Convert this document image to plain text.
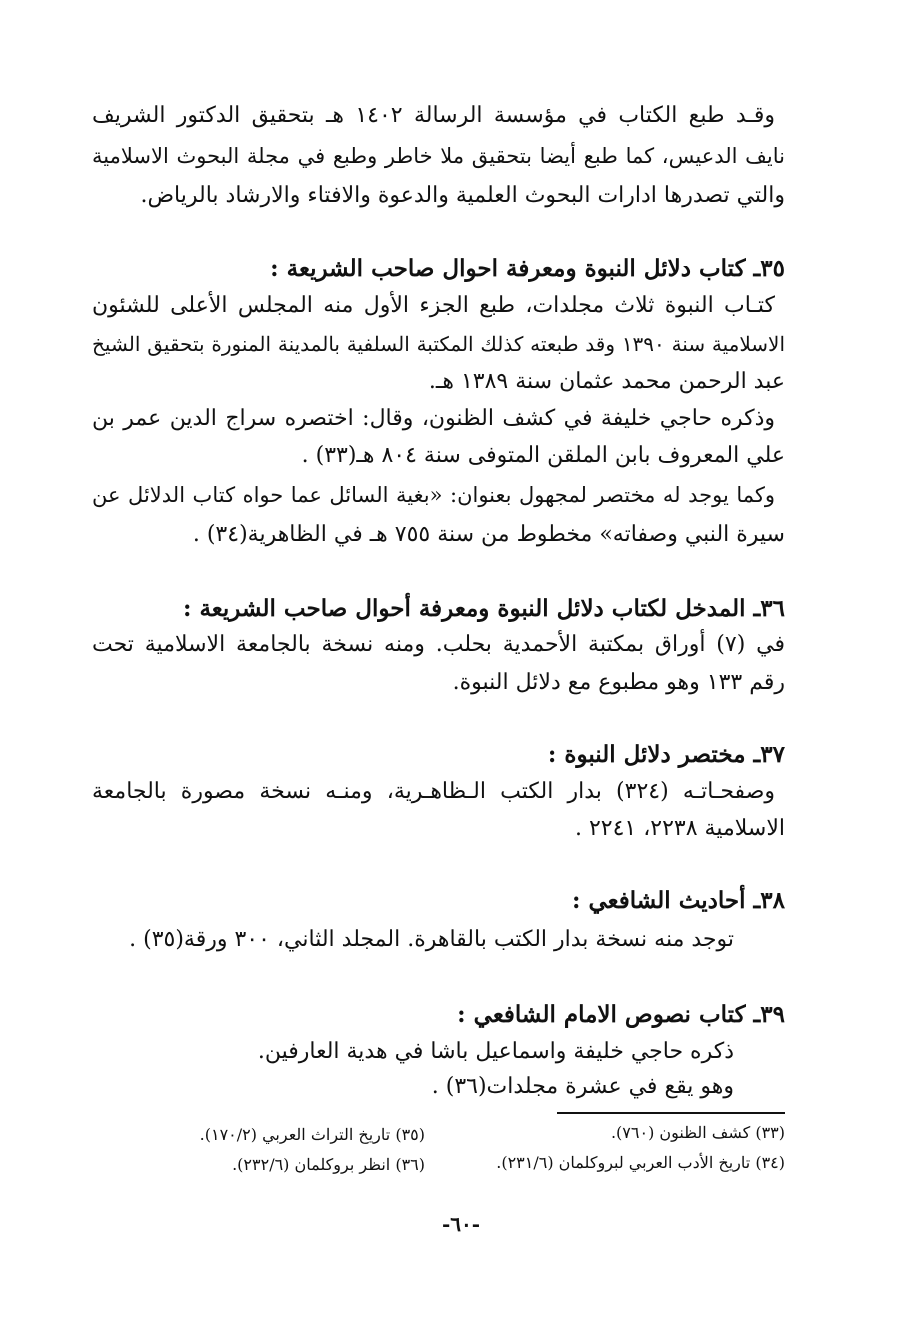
وقـد طبع الكتاب في مؤسسة الرسالة ١٤٠٢ هـ بتحقيق الدكتور الشريف
نايف الدعيس، كما طبع أيضا بتحقيق ملا خاطر وطبع في مجلة البحوث الاسلامية
والتي تصدرها ادارات البحوث العلمية والدعوة والافتاء والارشاد بالرياض.
٣٥ـ كتاب دلائل النبوة ومعرفة احوال صاحب الشريعة :
كتـاب النبوة ثلاث مجلدات، طبع الجزء الأول منه المجلس الأعلى للشئون
الاسلامية سنة ١٣٩٠ وقد طبعته كذلك المكتبة السلفية بالمدينة المنورة بتحقيق الشيخ
عبد الرحمن محمد عثمان سنة ١٣٨٩ هـ.
وذكره حاجي خليفة في كشف الظنون، وقال: اختصره سراج الدين عمر بن
علي المعروف بابن الملقن المتوفى سنة ٨٠٤ هـ(٣٣) .
وكما يوجد له مختصر لمجهول بعنوان: «بغية السائل عما حواه كتاب الدلائل عن
سيرة النبي وصفاته» مخطوط من سنة ٧٥٥ هـ في الظاهرية(٣٤) .
٣٦ـ المدخل لكتاب دلائل النبوة ومعرفة أحوال صاحب الشريعة :
في (٧) أوراق بمكتبة الأحمدية بحلب. ومنه نسخة بالجامعة الاسلامية تحت
رقم ١٣٣ وهو مطبوع مع دلائل النبوة.
٣٧ـ مختصر دلائل النبوة :
وصفحـاتـه (٣٢٤) بدار الكتب الـظاهـرية، ومنـه نسخة مصورة بالجامعة
الاسلامية ٢٢٣٨، ٢٢٤١ .
٣٨ـ أحاديث الشافعي :
توجد منه نسخة بدار الكتب بالقاهرة. المجلد الثاني، ٣٠٠ ورقة(٣٥) .
٣٩ـ كتاب نصوص الامام الشافعي :
ذكره حاجي خليفة واسماعيل باشا في هدية العارفين.
وهو يقع في عشرة مجلدات(٣٦) .
(٣٣) كشف الظنون (٧٦٠).
(٣٤) تاريخ الأدب العربي لبروكلمان (٢٣١/٦).
(٣٥) تاريخ التراث العربي (١٧٠/٢).
(٣٦) انظر بروكلمان (٢٣٢/٦).
-٦٠-
